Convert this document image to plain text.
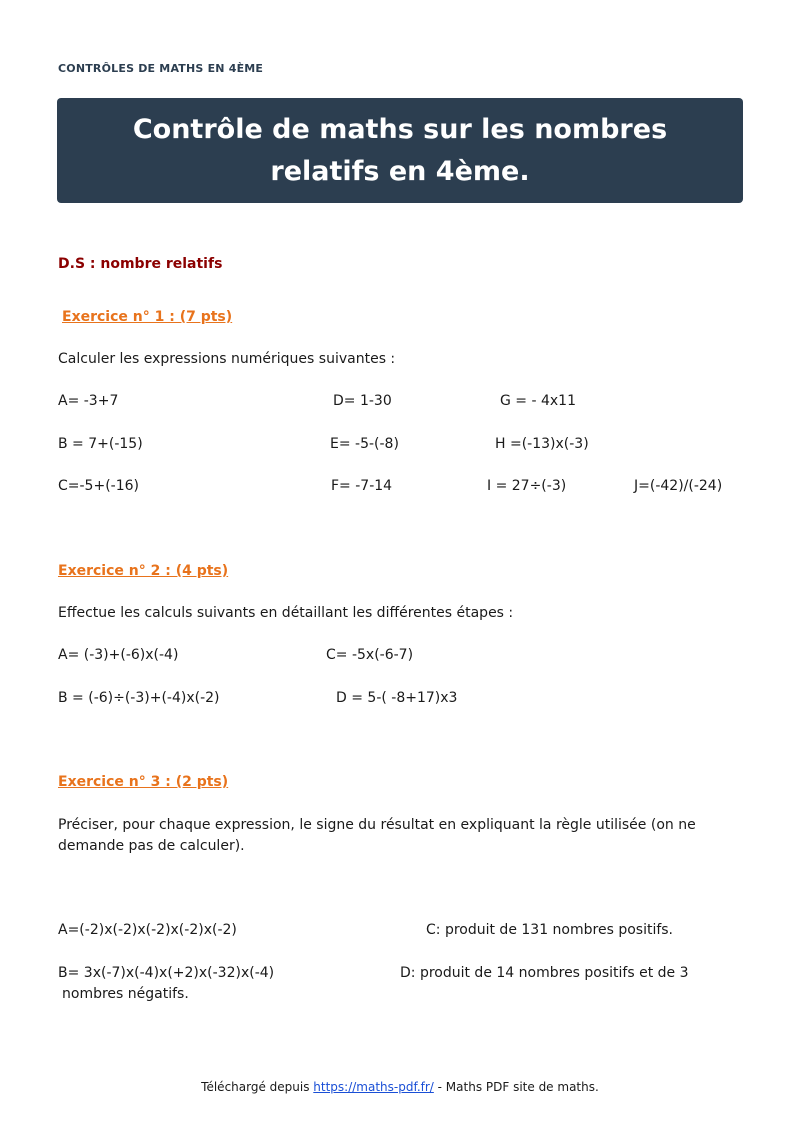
CONTRÔLES DE MATHS EN 4ÈME
Contrôle de maths sur les nombres relatifs en 4ème.
D.S : nombre relatifs
Exercice n° 1 : (7 pts)
Calculer les expressions numériques suivantes :
A= -3+7	D= 1-30	G = - 4x11
B = 7+(-15)	E= -5-(-8)	H =(-13)x(-3)
C=-5+(-16)	F= -7-14	I = 27÷(-3)	J=(-42)/(-24)
Exercice n° 2 : (4 pts)
Effectue les calculs suivants en détaillant les différentes étapes :
A= (-3)+(-6)x(-4)	C= -5x(-6-7)
B = (-6)÷(-3)+(-4)x(-2)	D = 5-( -8+17)x3
Exercice n° 3 : (2 pts)
Préciser, pour chaque expression, le signe du résultat en expliquant la règle utilisée (on ne
demande pas de calculer).
A=(-2)x(-2)x(-2)x(-2)x(-2)	C: produit de 131 nombres positifs.
B= 3x(-7)x(-4)x(+2)x(-32)x(-4)	D: produit de 14 nombres positifs et de 3
nombres négatifs.
Téléchargé depuis https://maths-pdf.fr/ - Maths PDF site de maths.
